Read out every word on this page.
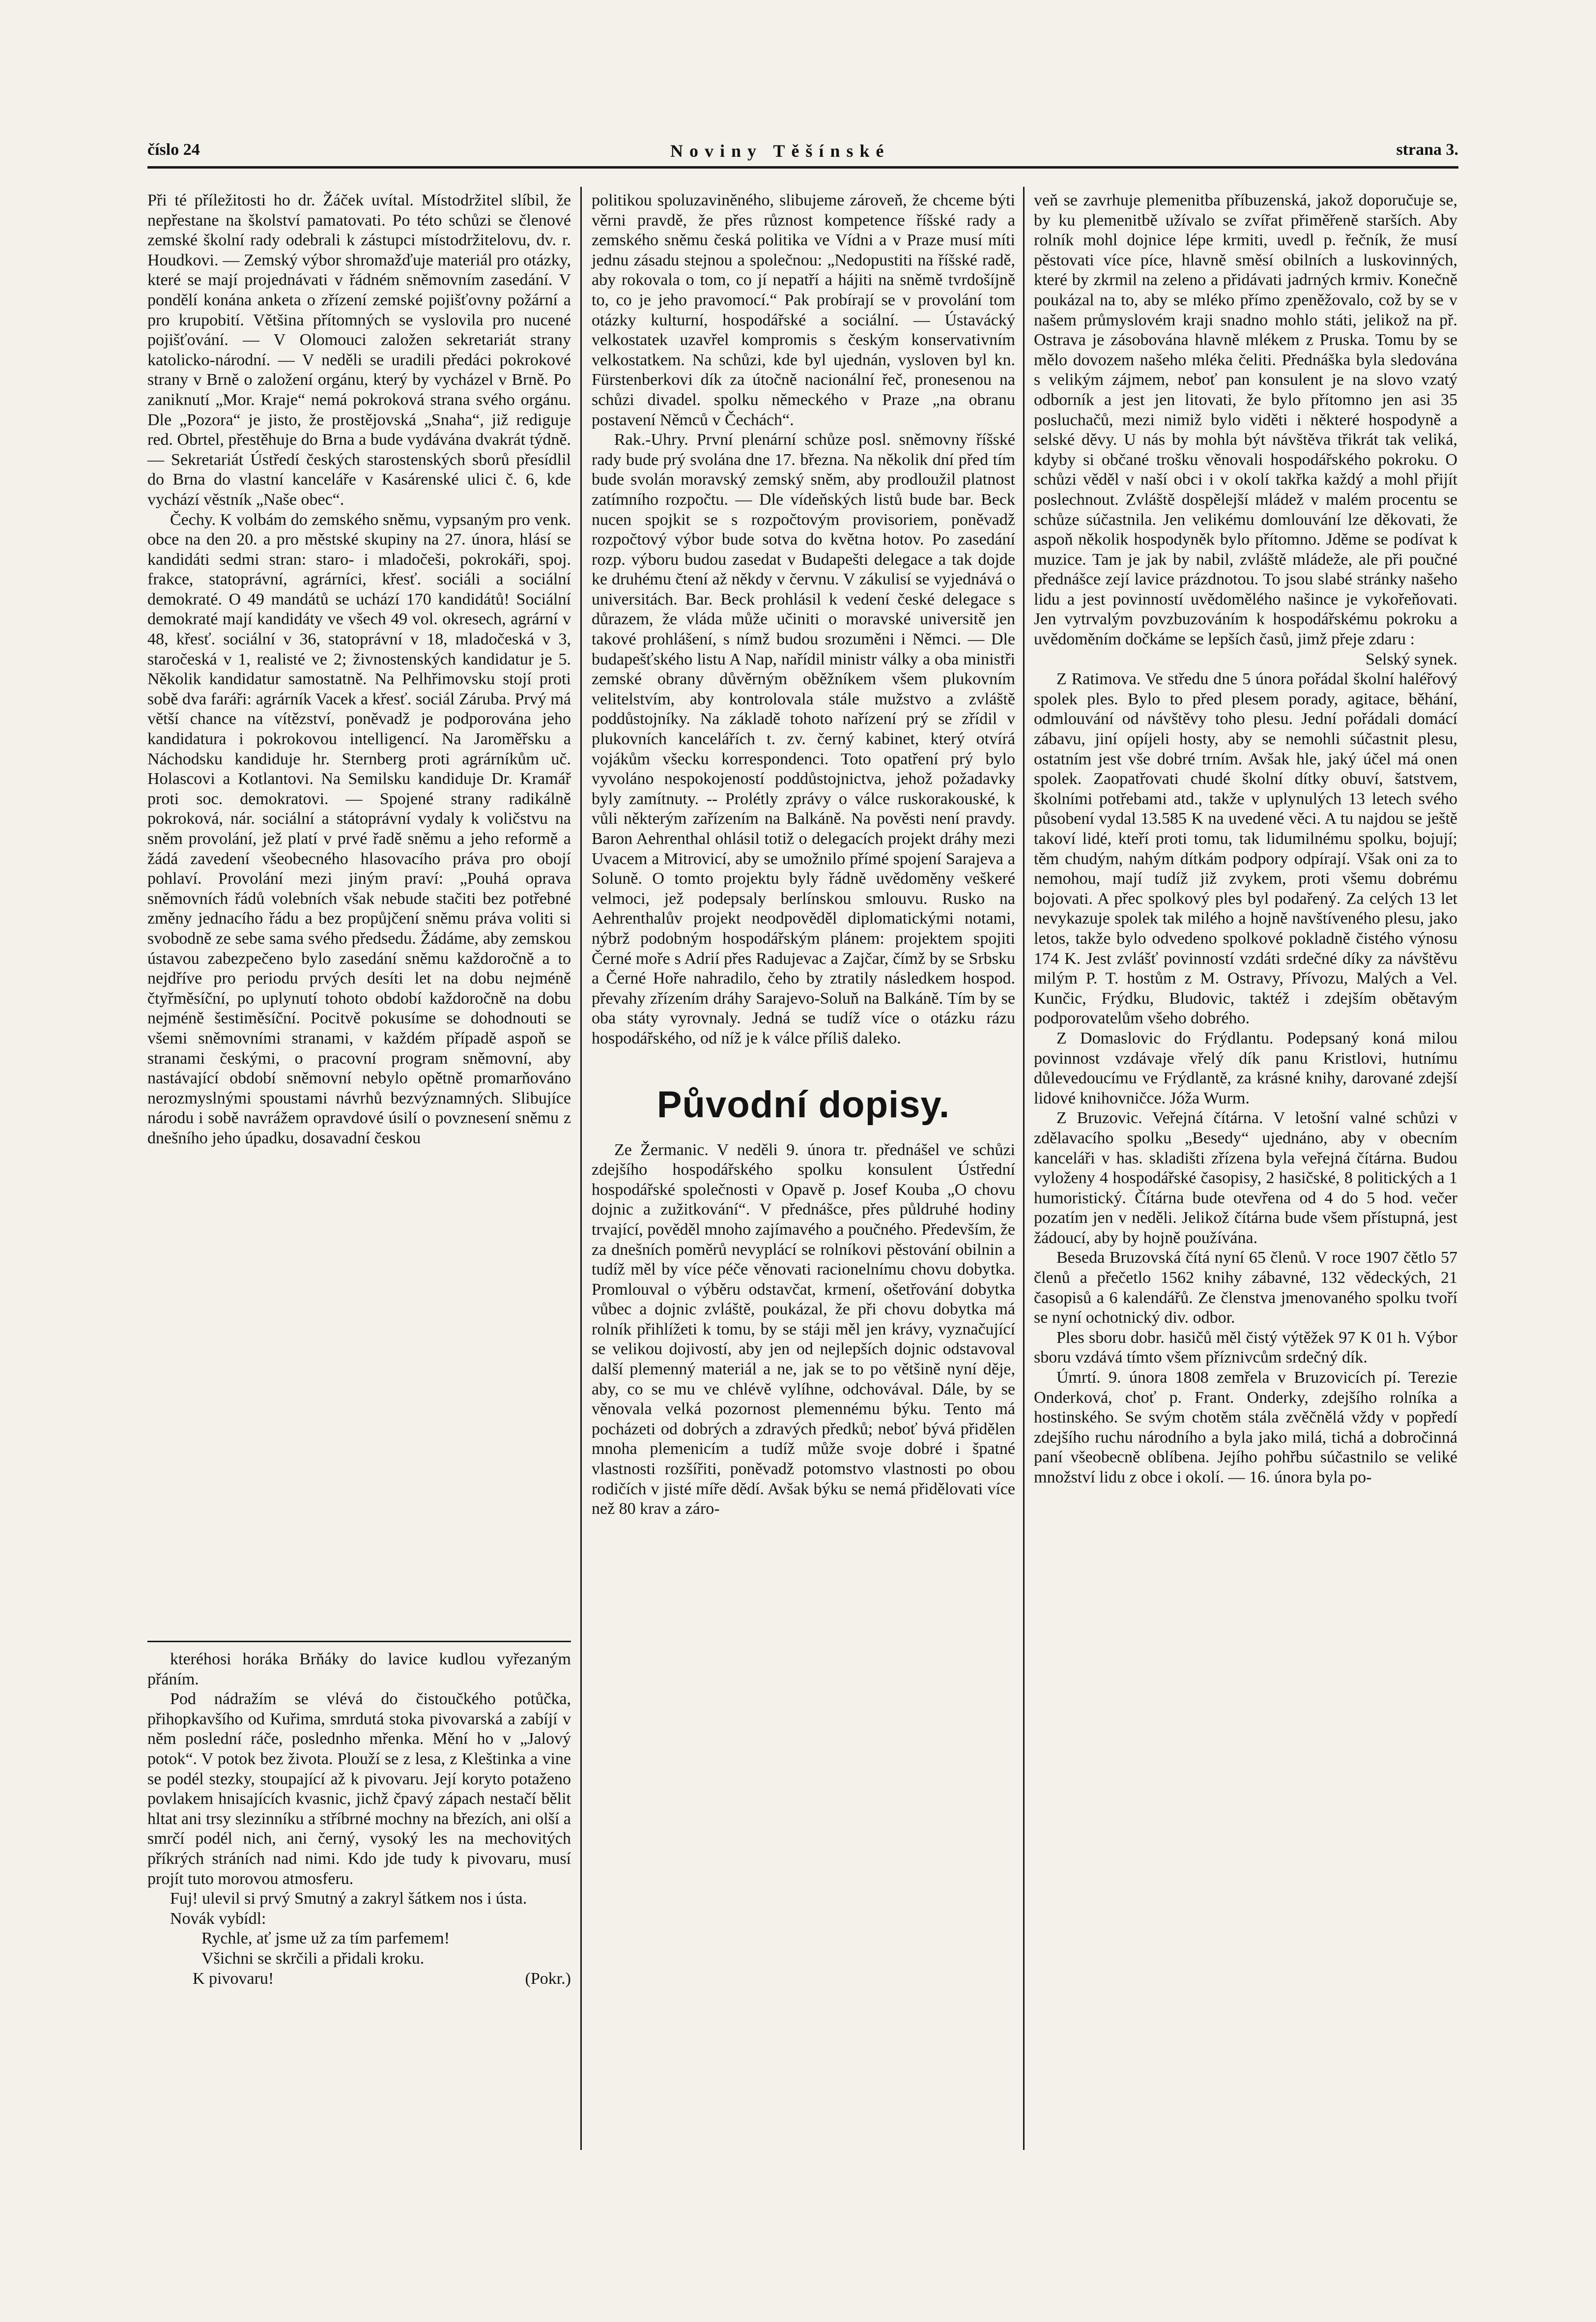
číslo 24	Noviny Těšínské	strana 3.

Při té příležitosti ho dr. Žáček uvítal. Místodržitel slíbil, že nepřestane na školství pamatovati. Po této schůzi se členové zemské školní rady odebrali k zástupci místodržitelovu, dv. r. Houdkovi. — Zemský výbor shromažďuje materiál pro otázky, které se mají projednávati v řádném sněmovním zasedání. V pondělí konána anketa o zřízení zemské pojišťovny požární a pro krupobití. Většina přítomných se vyslovila pro nucené pojišťování. — V Olomouci založen sekretariát strany katolicko-národní. — V neděli se uradili předáci pokrokové strany v Brně o založení orgánu, který by vycházel v Brně. Po zaniknutí „Mor. Kraje“ nemá pokroková strana svého orgánu. Dle „Pozora“ je jisto, že prostějovská „Snaha“, již rediguje red. Obrtel, přestěhuje do Brna a bude vydávána dvakrát týdně. — Sekretariát Ústředí českých starostenských sborů přesídlil do Brna do vlastní kanceláře v Kasárenské ulici č. 6, kde vychází věstník „Naše obec“.

Čechy. K volbám do zemského sněmu, vypsaným pro venk. obce na den 20. a pro městské skupiny na 27. února, hlásí se kandidáti sedmi stran: staro- i mladočeši, pokrokáři, spoj. frakce, statoprávní, agrárníci, křesť. sociáli a sociální demokraté. O 49 mandátů se uchází 170 kandidátů! Sociální demokraté mají kandidáty ve všech 49 vol. okresech, agrární v 48, křesť. sociální v 36, statoprávní v 18, mladočeská v 3, staročeská v 1, realisté ve 2; živnostenských kandidatur je 5. Několik kandidatur samostatně. Na Pelhřimovsku stojí proti sobě dva faráři: agrárník Vacek a křesť. sociál Záruba. Prvý má větší chance na vítězství, poněvadž je podporována jeho kandidatura i pokrokovou intelligencí. Na Jaroměřsku a Náchodsku kandiduje hr. Sternberg proti agrárníkům uč. Holascovi a Kotlantovi. Na Semilsku kandiduje Dr. Kramář proti soc. demokratovi. — Spojené strany radikálně pokroková, nár. sociální a státoprávní vydaly k voličstvu na sněm provolání, jež platí v prvé řadě sněmu a jeho reformě a žádá zavedení všeobecného hlasovacího práva pro obojí pohlaví. Provolání mezi jiným praví: „Pouhá oprava sněmovních řádů volebních však nebude stačiti bez potřebné změny jednacího řádu a bez propůjčení sněmu práva voliti si svobodně ze sebe sama svého předsedu. Žádáme, aby zemskou ústavou zabezpečeno bylo zasedání sněmu každoročně a to nejdříve pro periodu prvých desíti let na dobu nejméně čtyřměsíční, po uplynutí tohoto období každoročně na dobu nejméně šestiměsíční. Pocitvě pokusíme se dohodnouti se všemi sněmovními stranami, v každém případě aspoň se stranami českými, o pracovní program sněmovní, aby nastávající období sněmovní nebylo opětně promarňováno nerozmyslnými spoustami návrhů bezvýznamných. Slibujíce národu i sobě navrážem opravdové úsilí o povznesení sněmu z dnešního jeho úpadku, dosavadní českou

kteréhosi horáka Brňáky do lavice kudlou vyřezaným přáním.

Pod nádražím se vlévá do čistoučkého potůčka, přihopkavšího od Kuřima, smrdutá stoka pivovarská a zabíjí v něm poslední ráče, poslednho mřenka. Mění ho v „Jalový potok“. V potok bez života. Plouží se z lesa, z Kleštinka a vine se podél stezky, stoupající až k pivovaru. Její koryto potaženo povlakem hnisajících kvasnic, jichž čpavý zápach nestačí bělit hltat ani trsy slezinníku a stříbrné mochny na březích, ani olší a smrčí podél nich, ani černý, vysoký les na mechovitých příkrých stráních nad nimi. Kdo jde tudy k pivovaru, musí projít tuto morovou atmosferu.

Fuj! ulevil si prvý Smutný a zakryl šátkem nos i ústa.

Novák vybídl:

Rychle, ať jsme už za tím parfemem!

Všichni se skrčili a přidali kroku.

K pivovaru!	(Pokr.)

politikou spoluzaviněného, slibujeme zároveň, že chceme býti věrni pravdě, že přes různost kompetence říšské rady a zemského sněmu česká politika ve Vídni a v Praze musí míti jednu zásadu stejnou a společnou: „Nedopustiti na říšské radě, aby rokovala o tom, co jí nepatří a hájiti na sněmě tvrdošíjně to, co je jeho pravomocí.“ Pak probírají se v provolání tom otázky kulturní, hospodářské a sociální. — Ústavácký velkostatek uzavřel kompromis s českým konservativním velkostatkem. Na schůzi, kde byl ujednán, vysloven byl kn. Fürstenberkovi dík za útočně nacionální řeč, pronesenou na schůzi divadel. spolku německého v Praze „na obranu postavení Němců v Čechách“.

Rak.-Uhry. První plenární schůze posl. sněmovny říšské rady bude prý svolána dne 17. března. Na několik dní před tím bude svolán moravský zemský sněm, aby prodloužil platnost zatímního rozpočtu. — Dle vídeňských listů bude bar. Beck nucen spojkit se s rozpočtovým provisoriem, poněvadž rozpočtový výbor bude sotva do května hotov. Po zasedání rozp. výboru budou zasedat v Budapešti delegace a tak dojde ke druhému čtení až někdy v červnu. V zákulisí se vyjednává o universitách. Bar. Beck prohlásil k vedení české delegace s důrazem, že vláda může učiniti o moravské universitě jen takové prohlášení, s nímž budou srozuměni i Němci. — Dle budapešťského listu A Nap, nařídil ministr války a oba ministři zemské obrany důvěrným oběžníkem všem plukovním velitelstvím, aby kontrolovala stále mužstvo a zvláště poddůstojníky. Na základě tohoto nařízení prý se zřídil v plukovních kancelářích t. zv. černý kabinet, který otvírá vojákům všecku korrespondenci. Toto opatření prý bylo vyvoláno nespokojeností poddůstojnictva, jehož požadavky byly zamítnuty. -- Prolétly zprávy o válce ruskorakouské, k vůli některým zařízením na Balkáně. Na pověsti není pravdy. Baron Aehrenthal ohlásil totiž o delegacích projekt dráhy mezi Uvacem a Mitrovicí, aby se umožnilo přímé spojení Sarajeva a Soluně. O tomto projektu byly řádně uvědoměny veškeré velmoci, jež podepsaly berlínskou smlouvu. Rusko na Aehrenthalův projekt neodpověděl diplomatickými notami, nýbrž podobným hospodářským plánem: projektem spojiti Černé moře s Adrií přes Radujevac a Zajčar, čímž by se Srbsku a Černé Hoře nahradilo, čeho by ztratily následkem hospod. převahy zřízením dráhy Sarajevo-Soluň na Balkáně. Tím by se oba státy vyrovnaly. Jedná se tudíž více o otázku rázu hospodářského, od níž je k válce příliš daleko.

Původní dopisy.

Ze Žermanic. V neděli 9. února tr. přednášel ve schůzi zdejšího hospodářského spolku konsulent Ústřední hospodářské společnosti v Opavě p. Josef Kouba „O chovu dojnic a zužitkování“. V přednášce, přes půldruhé hodiny trvající, pověděl mnoho zajímavého a poučného. Především, že za dnešních poměrů nevyplácí se rolníkovi pěstování obilnin a tudíž měl by více péče věnovati racionelnímu chovu dobytka. Promlouval o výběru odstavčat, krmení, ošetřování dobytka vůbec a dojnic zvláště, poukázal, že při chovu dobytka má rolník přihlížeti k tomu, by se stáji měl jen krávy, vyznačující se velikou dojivostí, aby jen od nejlepších dojnic odstavoval další plemenný materiál a ne, jak se to po většině nyní děje, aby, co se mu ve chlévě vylíhne, odchovával. Dále, by se věnovala velká pozornost plemennému býku. Tento má pocházeti od dobrých a zdravých předků; neboť bývá přidělen mnoha plemenicím a tudíž může svoje dobré i špatné vlastnosti rozšířiti, poněvadž potomstvo vlastnosti po obou rodičích v jisté míře dědí. Avšak býku se nemá přidělovati více než 80 krav a záro-

veň se zavrhuje plemenitba příbuzenská, jakož doporučuje se, by ku plemenitbě užívalo se zvířat přiměřeně starších. Aby rolník mohl dojnice lépe krmiti, uvedl p. řečník, že musí pěstovati více píce, hlavně směsí obilních a luskovinných, které by zkrmil na zeleno a přidávati jadrných krmiv. Konečně poukázal na to, aby se mléko přímo zpeněžovalo, což by se v našem průmyslovém kraji snadno mohlo státi, jelikož na př. Ostrava je zásobována hlavně mlékem z Pruska. Tomu by se mělo dovozem našeho mléka čeliti. Přednáška byla sledována s velikým zájmem, neboť pan konsulent je na slovo vzatý odborník a jest jen litovati, že bylo přítomno jen asi 35 posluchačů, mezi nimiž bylo viděti i některé hospodyně a selské děvy. U nás by mohla být návštěva třikrát tak veliká, kdyby si občané trošku věnovali hospodářského pokroku. O schůzi věděl v naší obci i v okolí takřka každý a mohl přijít poslechnout. Zvláště dospělejší mládež v malém procentu se schůze súčastnila. Jen velikému domlouvání lze děkovati, že aspoň několik hospodyněk bylo přítomno. Jděme se podívat k muzice. Tam je jak by nabil, zvláště mládeže, ale při poučné přednášce zejí lavice prázdnotou. To jsou slabé stránky našeho lidu a jest povinností uvědomělého našince je vykořeňovati. Jen vytrvalým povzbuzováním k hospodářskému pokroku a uvědoměním dočkáme se lepších časů, jimž přeje zdaru :

Selský synek.

Z Ratimova. Ve středu dne 5 února pořádal školní haléřový spolek ples. Bylo to před plesem porady, agitace, běhání, odmlouvání od návštěvy toho plesu. Jední pořádali domácí zábavu, jiní opíjeli hosty, aby se nemohli súčastnit plesu, ostatním jest vše dobré trním. Avšak hle, jaký účel má onen spolek. Zaopatřovati chudé školní dítky obuví, šatstvem, školními potřebami atd., takže v uplynulých 13 letech svého působení vydal 13.585 K na uvedené věci. A tu najdou se ještě takoví lidé, kteří proti tomu, tak lidumilnému spolku, bojují; těm chudým, nahým dítkám podpory odpírají. Však oni za to nemohou, mají tudíž již zvykem, proti všemu dobrému bojovati. A přec spolkový ples byl podařený. Za celých 13 let nevykazuje spolek tak milého a hojně navštíveného plesu, jako letos, takže bylo odvedeno spolkové pokladně čistého výnosu 174 K. Jest zvlášť povinností vzdáti srdečné díky za návštěvu milým P. T. hostům z M. Ostravy, Přívozu, Malých a Vel. Kunčic, Frýdku, Bludovic, taktéž i zdejším obětavým podporovatelům všeho dobrého.

Z Domaslovic do Frýdlantu. Podepsaný koná milou povinnost vzdávaje vřelý dík panu Kristlovi, hutnímu důlevedoucímu ve Frýdlantě, za krásné knihy, darované zdejší lidové knihovničce. Jóža Wurm.

Z Bruzovic. Veřejná čítárna. V letošní valné schůzi v zdělavacího spolku „Besedy“ ujednáno, aby v obecním kanceláři v has. skladišti zřízena byla veřejná čítárna. Budou vyloženy 4 hospodářské časopisy, 2 hasičské, 8 politických a 1 humoristický. Čítárna bude otevřena od 4 do 5 hod. večer pozatím jen v neděli. Jelikož čítárna bude všem přístupná, jest žádoucí, aby by hojně používána.

Beseda Bruzovská čítá nyní 65 členů. V roce 1907 čětlo 57 členů a přečetlo 1562 knihy zábavné, 132 vědeckých, 21 časopisů a 6 kalendářů. Ze členstva jmenovaného spolku tvoří se nyní ochotnický div. odbor.

Ples sboru dobr. hasičů měl čistý výtěžek 97 K 01 h. Výbor sboru vzdává tímto všem příznivcům srdečný dík.

Úmrtí. 9. února 1808 zemřela v Bruzovicích pí. Terezie Onderková, choť p. Frant. Onderky, zdejšího rolníka a hostinského. Se svým chotěm stála zvěčnělá vždy v popředí zdejšího ruchu národního a byla jako milá, tichá a dobročinná paní všeobecně oblíbena. Jejího pohřbu súčastnilo se veliké množství lidu z obce i okolí. — 16. února byla po-
